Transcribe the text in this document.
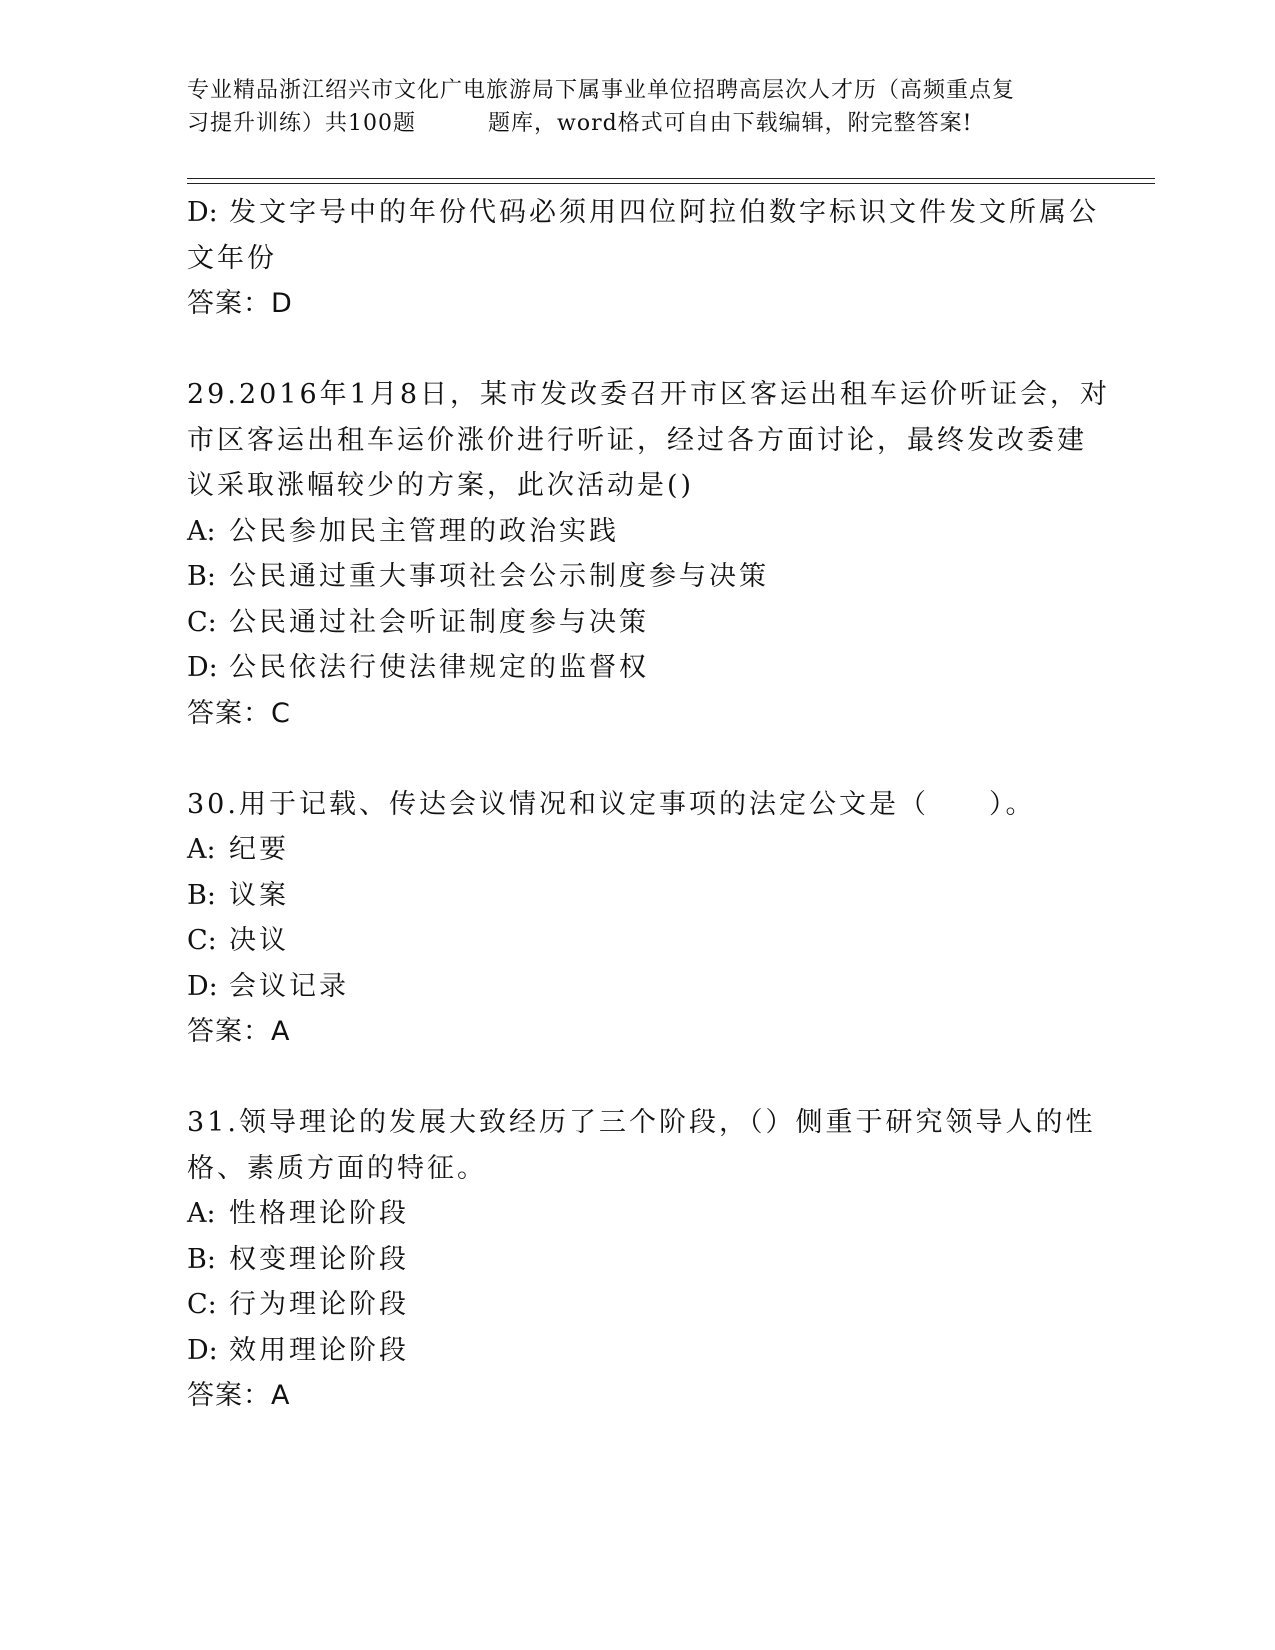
专业精品浙江绍兴市文化广电旅游局下属事业单位招聘高层次人才历（高频重点复
习提升训练）共100题	题库，word格式可自由下载编辑，附完整答案!
D: 发文字号中的年份代码必须用四位阿拉伯数字标识文件发文所属公
文年份
答案：D
29.2016年1月8日，某市发改委召开市区客运出租车运价听证会，对
市区客运出租车运价涨价进行听证，经过各方面讨论，最终发改委建
议采取涨幅较少的方案，此次活动是()
A: 公民参加民主管理的政治实践
B: 公民通过重大事项社会公示制度参与决策
C: 公民通过社会听证制度参与决策
D: 公民依法行使法律规定的监督权
答案：C
30.用于记载、传达会议情况和议定事项的法定公文是（　　）。
A: 纪要
B: 议案
C: 决议
D: 会议记录
答案：A
31.领导理论的发展大致经历了三个阶段，（）侧重于研究领导人的性
格、素质方面的特征。
A: 性格理论阶段
B: 权变理论阶段
C: 行为理论阶段
D: 效用理论阶段
答案：A
